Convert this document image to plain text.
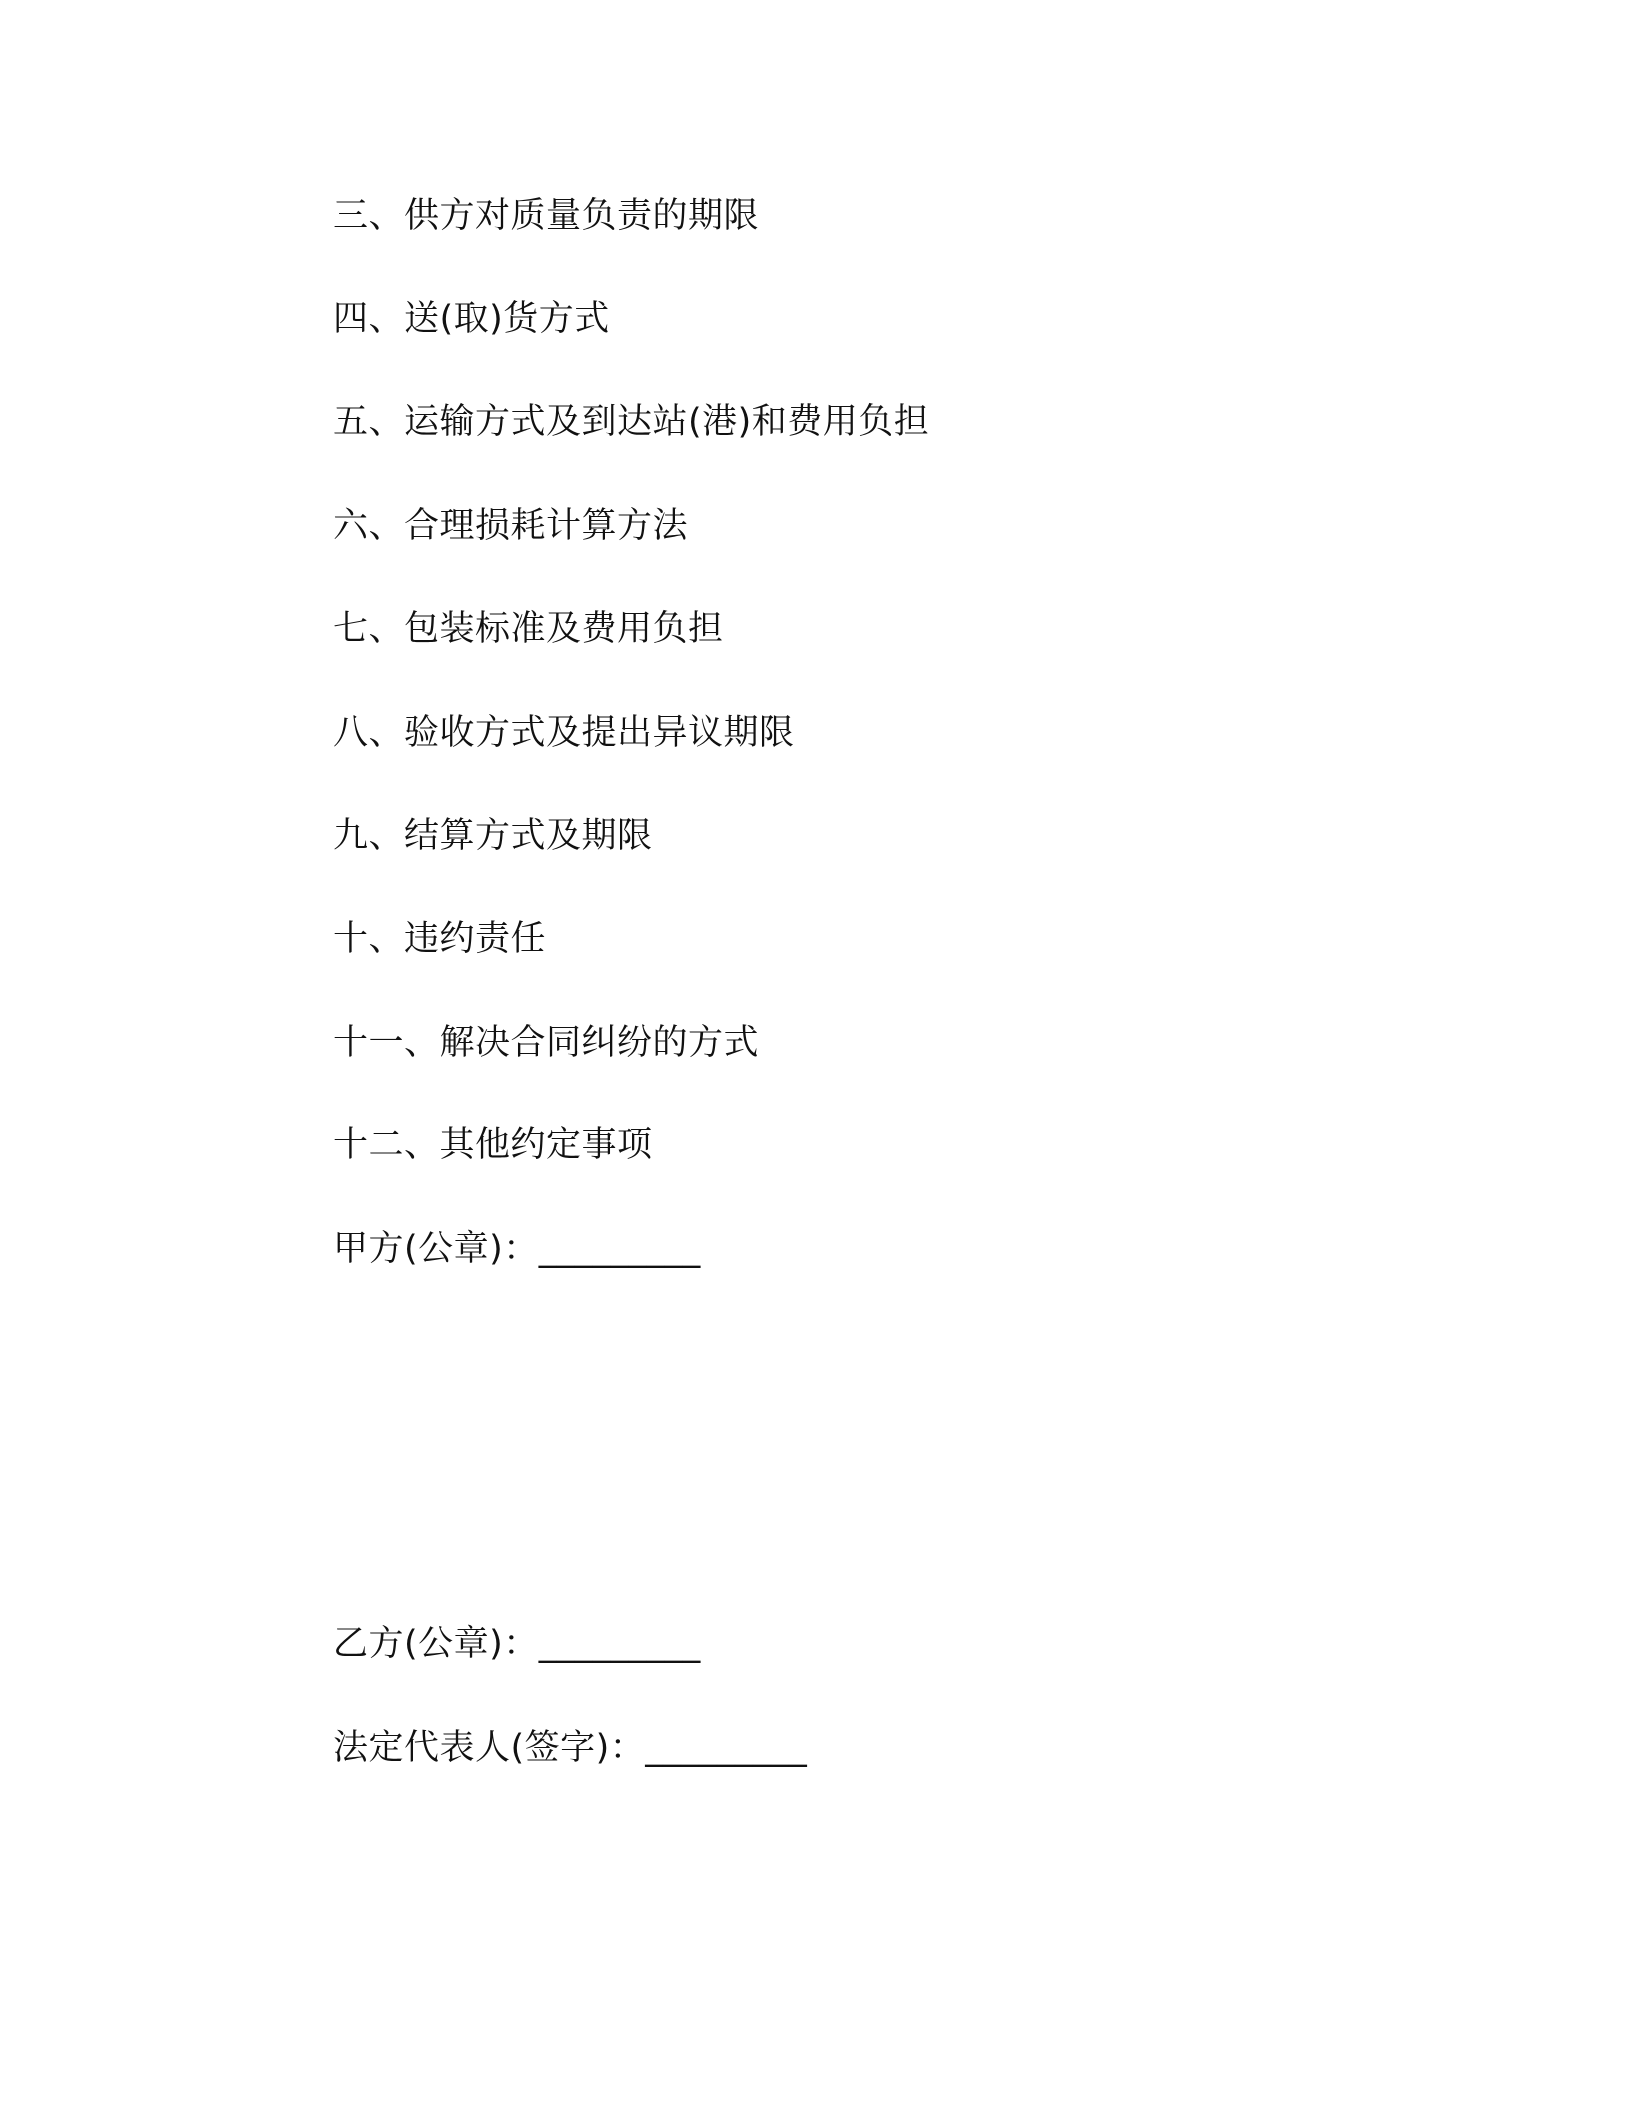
三、供方对质量负责的期限
四、送(取)货方式
五、运输方式及到达站(港)和费用负担
六、合理损耗计算方法
七、包装标准及费用负担
八、验收方式及提出异议期限
九、结算方式及期限
十、违约责任
十一、解决合同纠纷的方式
十二、其他约定事项
甲方(公章)：_________
乙方(公章)：_________
法定代表人(签字)：_________
